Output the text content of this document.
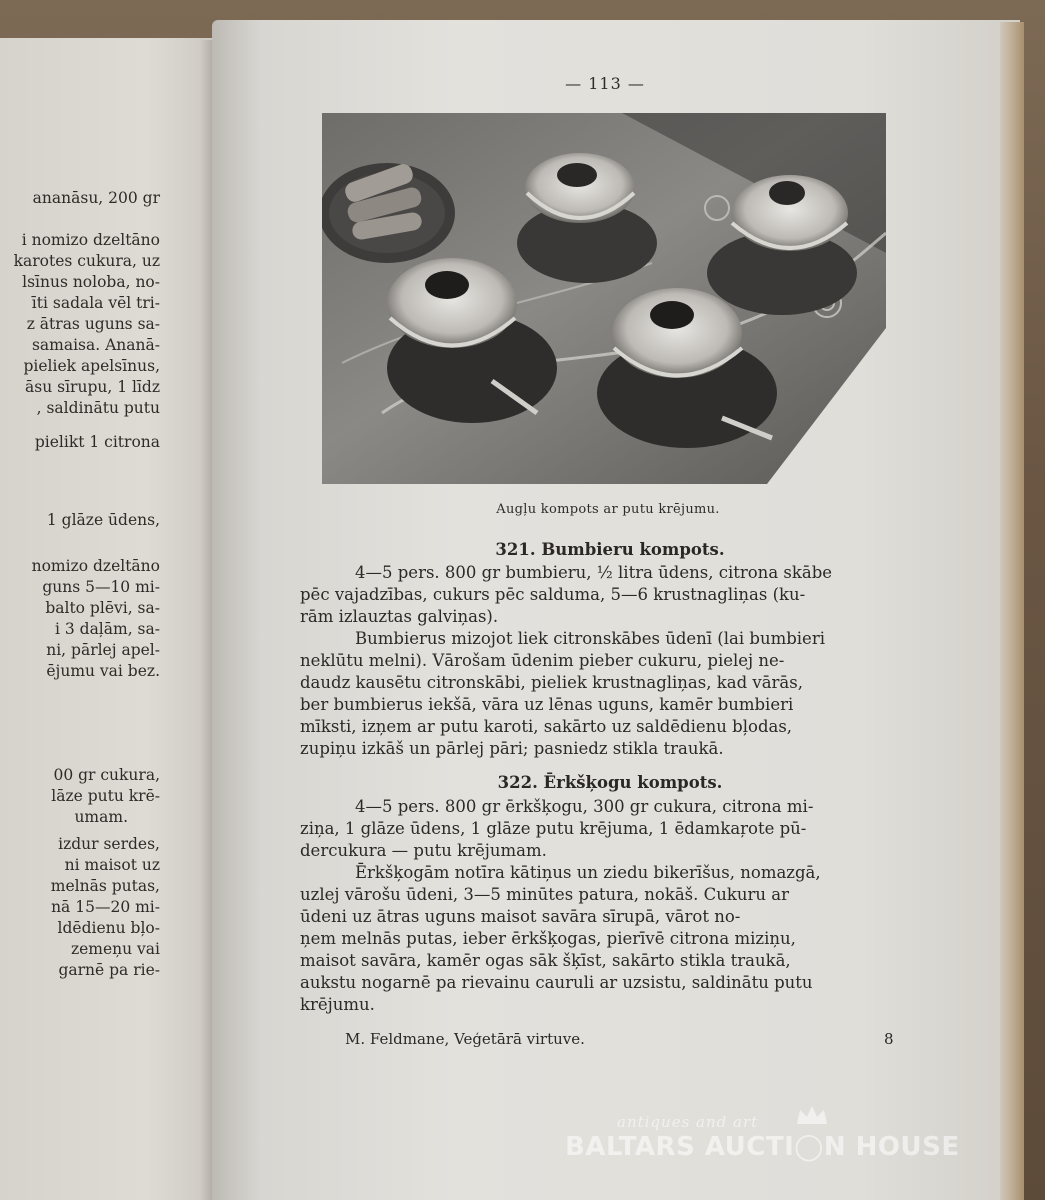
ananāsu, 200 gr
i nomizo dzeltāno
karotes cukura, uz
lsīnus noloba, no-
īti sadala vēl tri-
z ātras uguns sa-
samaisa. Ananā-
pieliek apelsīnus,
āsu sīrupu, 1 līdz
, saldinātu putu
pielikt 1 citrona
1 glāze ūdens,
nomizo dzeltāno
guns 5—10 mi-
balto plēvi, sa-
i 3 daļām, sa-
ni, pārlej apel-
ējumu vai bez.
00 gr cukura,
lāze putu krē-
umam.
izdur serdes,
ni maisot uz
melnās putas,
nā 15—20 mi-
ldēdienu bļo-
zemeņu vai
garnē pa rie-
— 113 —
Augļu kompots ar putu krējumu.
321. Bumbieru kompots.
4—5 pers. 800 gr bumbieru, ½ litra ūdens, citrona skābe
pēc vajadzības, cukurs pēc salduma, 5—6 krustnagliņas (ku-
rām izlauztas galviņas).
Bumbierus mizojot liek citronskābes ūdenī (lai bumbieri
neklūtu melni). Vārošam ūdenim pieber cukuru, pielej ne-
daudz kausētu citronskābi, pieliek krustnagliņas, kad vārās,
ber bumbierus iekšā, vāra uz lēnas uguns, kamēr bumbieri
mīksti, izņem ar putu karoti, sakārto uz saldēdienu bļodas,
zupiņu izkāš un pārlej pāri; pasniedz stikla traukā.
322. Ērkšķogu kompots.
4—5 pers. 800 gr ērkšķogu, 300 gr cukura, citrona mi-
ziņa, 1 glāze ūdens, 1 glāze putu krējuma, 1 ēdamkaŗote pū-
dercukura — putu krējumam.
Ērkšķogām notīra kātiņus un ziedu bikerīšus, nomazgā,
uzlej vārošu ūdeni, 3—5 minūtes patura, nokāš. Cukuru ar
ūdeni uz ātras uguns maisot savāra sīrupā, vārot no-
ņem melnās putas, ieber ērkšķogas, pierīvē citrona miziņu,
maisot savāra, kamēr ogas sāk šķīst, sakārto stikla traukā,
aukstu nogarnē pa rievainu cauruli ar uzsistu, saldinātu putu
krējumu.
M. Feldmane, Veģetārā virtuve.	8
antiques and art
BALTARS AUCTI◯N HOUSE
